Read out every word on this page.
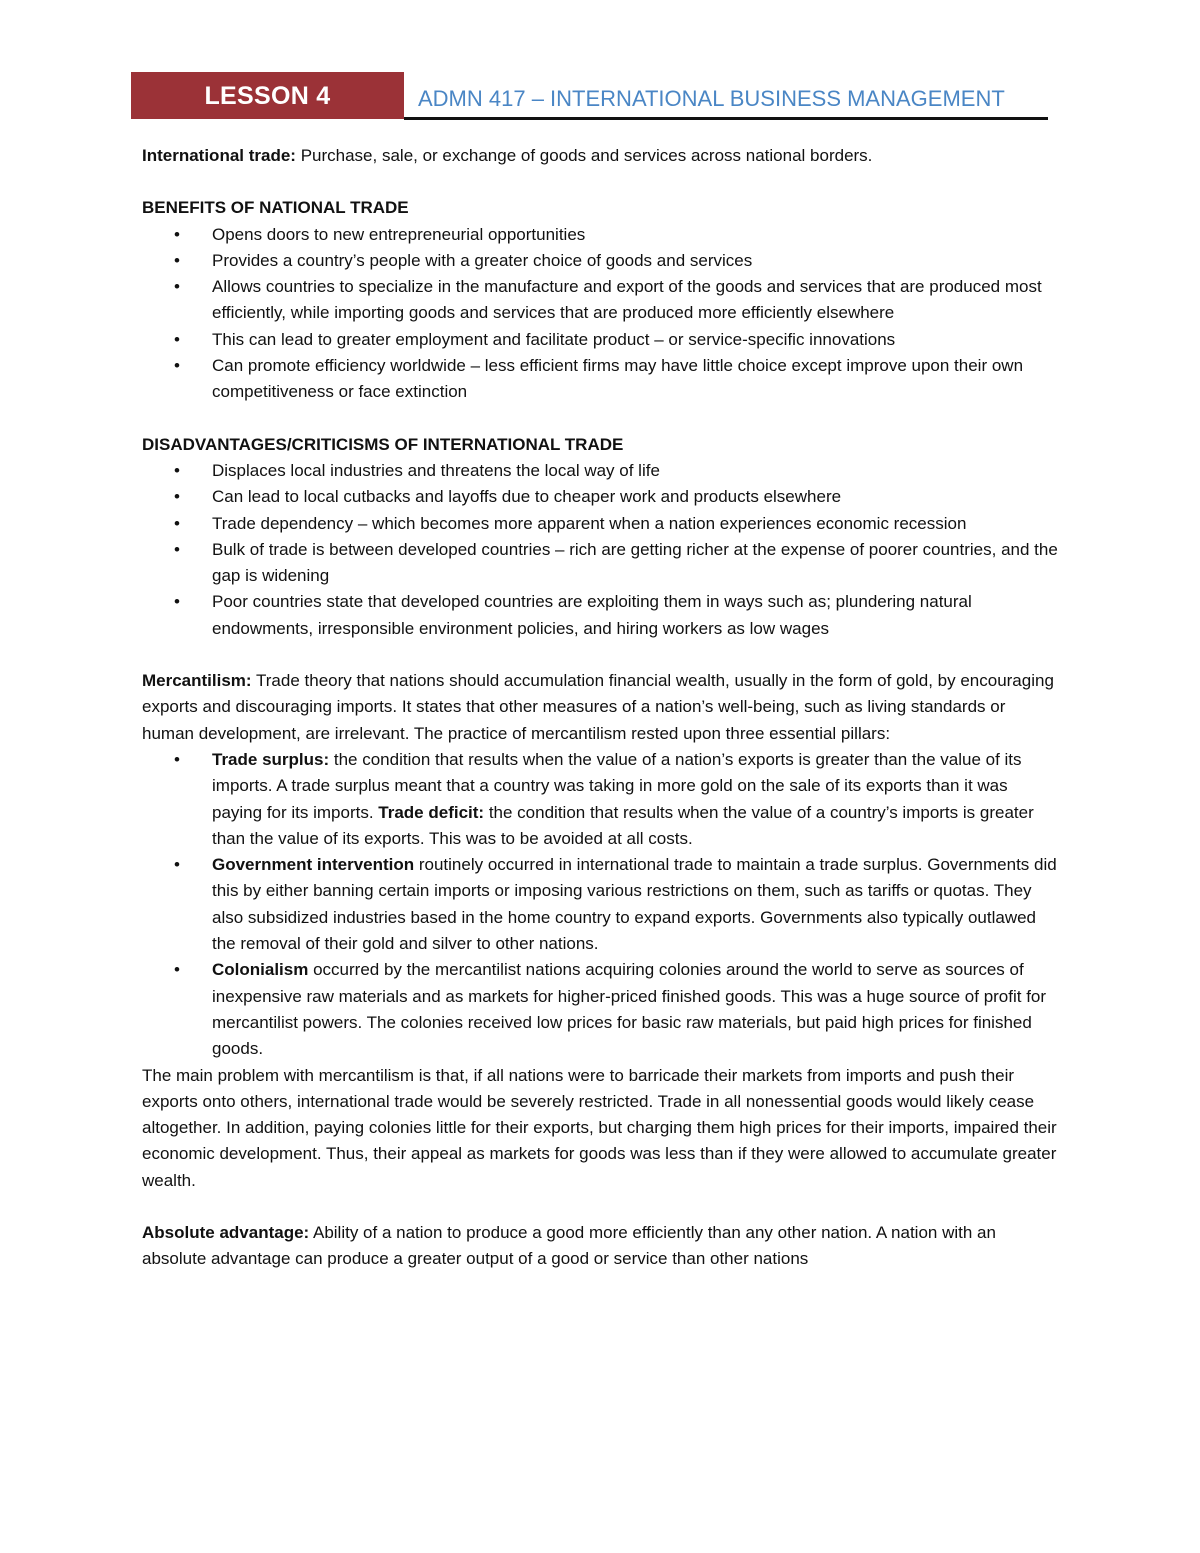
LESSON 4	ADMN 417 – INTERNATIONAL BUSINESS MANAGEMENT

International trade: Purchase, sale, or exchange of goods and services across national borders.

BENEFITS OF NATIONAL TRADE

• Opens doors to new entrepreneurial opportunities
• Provides a country’s people with a greater choice of goods and services
• Allows countries to specialize in the manufacture and export of the goods and services that are produced most efficiently, while importing goods and services that are produced more efficiently elsewhere
• This can lead to greater employment and facilitate product – or service-specific innovations
• Can promote efficiency worldwide – less efficient firms may have little choice except improve upon their own competitiveness or face extinction

DISADVANTAGES/CRITICISMS OF INTERNATIONAL TRADE

• Displaces local industries and threatens the local way of life
• Can lead to local cutbacks and layoffs due to cheaper work and products elsewhere
• Trade dependency – which becomes more apparent when a nation experiences economic recession
• Bulk of trade is between developed countries – rich are getting richer at the expense of poorer countries, and the gap is widening
• Poor countries state that developed countries are exploiting them in ways such as; plundering natural endowments, irresponsible environment policies, and hiring workers as low wages

Mercantilism: Trade theory that nations should accumulation financial wealth, usually in the form of gold, by encouraging exports and discouraging imports. It states that other measures of a nation’s well-being, such as living standards or human development, are irrelevant. The practice of mercantilism rested upon three essential pillars:

• Trade surplus: the condition that results when the value of a nation’s exports is greater than the value of its imports. A trade surplus meant that a country was taking in more gold on the sale of its exports than it was paying for its imports. Trade deficit: the condition that results when the value of a country’s imports is greater than the value of its exports. This was to be avoided at all costs.
• Government intervention routinely occurred in international trade to maintain a trade surplus. Governments did this by either banning certain imports or imposing various restrictions on them, such as tariffs or quotas. They also subsidized industries based in the home country to expand exports. Governments also typically outlawed the removal of their gold and silver to other nations.
• Colonialism occurred by the mercantilist nations acquiring colonies around the world to serve as sources of inexpensive raw materials and as markets for higher-priced finished goods. This was a huge source of profit for mercantilist powers. The colonies received low prices for basic raw materials, but paid high prices for finished goods.

The main problem with mercantilism is that, if all nations were to barricade their markets from imports and push their exports onto others, international trade would be severely restricted. Trade in all nonessential goods would likely cease altogether. In addition, paying colonies little for their exports, but charging them high prices for their imports, impaired their economic development. Thus, their appeal as markets for goods was less than if they were allowed to accumulate greater wealth.

Absolute advantage: Ability of a nation to produce a good more efficiently than any other nation. A nation with an absolute advantage can produce a greater output of a good or service than other nations
